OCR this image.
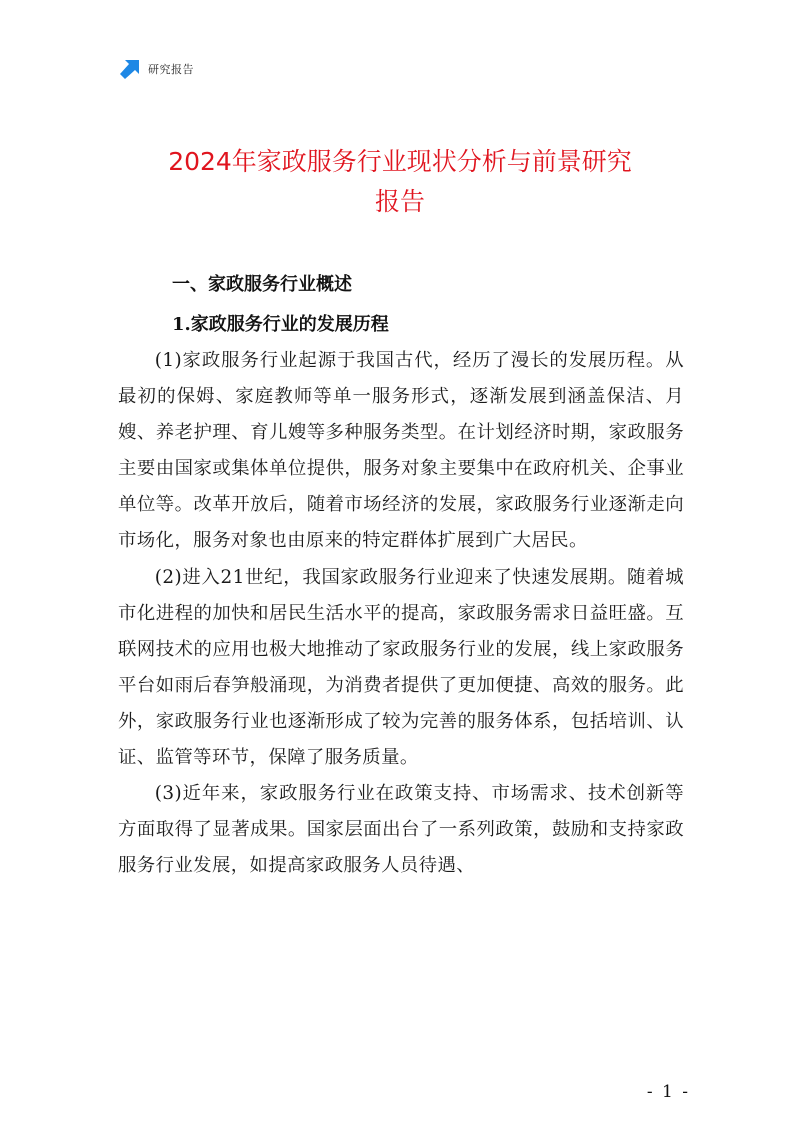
研究报告
2024年家政服务行业现状分析与前景研究
报告
一、家政服务行业概述
1.家政服务行业的发展历程

(1)家政服务行业起源于我国古代，经历了漫长的发展历程。从最初的保姆、家庭教师等单一服务形式，逐渐发展到涵盖保洁、月嫂、养老护理、育儿嫂等多种服务类型。在计划经济时期，家政服务主要由国家或集体单位提供，服务对象主要集中在政府机关、企事业单位等。改革开放后，随着市场经济的发展，家政服务行业逐渐走向市场化，服务对象也由原来的特定群体扩展到广大居民。

(2)进入21世纪，我国家政服务行业迎来了快速发展期。随着城市化进程的加快和居民生活水平的提高，家政服务需求日益旺盛。互联网技术的应用也极大地推动了家政服务行业的发展，线上家政服务平台如雨后春笋般涌现，为消费者提供了更加便捷、高效的服务。此外，家政服务行业也逐渐形成了较为完善的服务体系，包括培训、认证、监管等环节，保障了服务质量。

(3)近年来，家政服务行业在政策支持、市场需求、技术创新等方面取得了显著成果。国家层面出台了一系列政策，鼓励和支持家政服务行业发展，如提高家政服务人员待遇、

- 1 -
